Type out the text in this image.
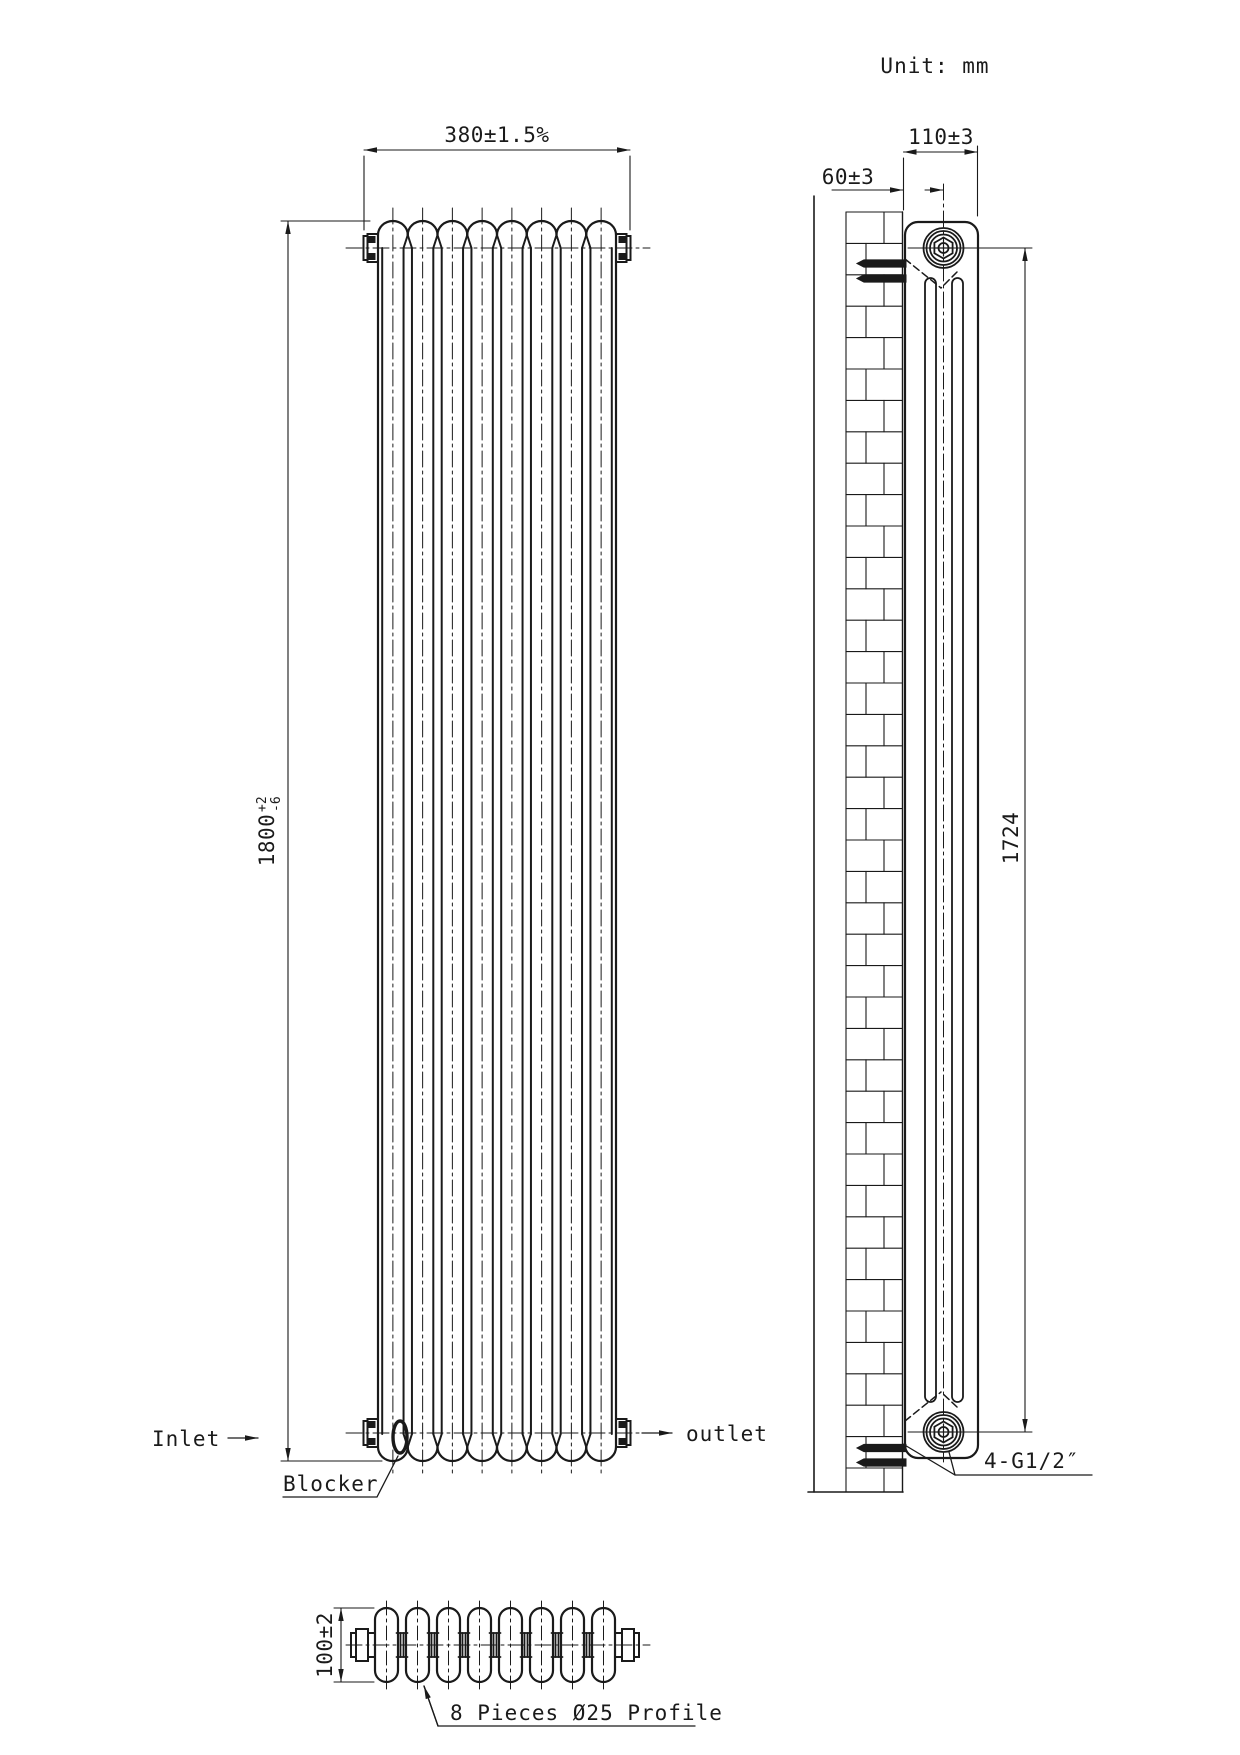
380±1.5%
1800
+2 -6
Inlet	outlet
Blocker
110±3
60±3
1724
4-G1/2″
100±2
8 Pieces Ø25 Profile
Unit: mm
